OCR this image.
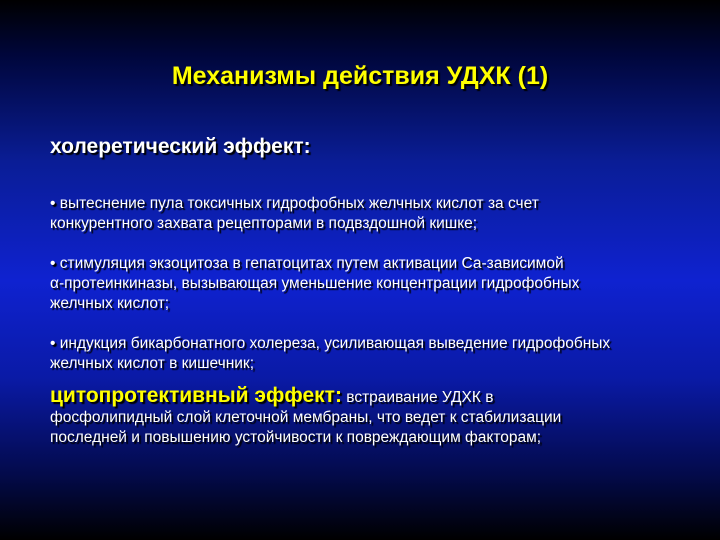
Механизмы действия УДХК (1)
холеретический эффект:
• вытеснение пула токсичных гидрофобных желчных кислот за счет
конкурентного захвата рецепторами в подвздошной кишке;
• стимуляция экзоцитоза в гепатоцитах путем активации Са-зависимой
α-протеинкиназы, вызывающая уменьшение концентрации гидрофобных
желчных кислот;
• индукция бикарбонатного холереза, усиливающая выведение гидрофобных
желчных кислот в кишечник;
цитопротективный эффект: встраивание УДХК в
фосфолипидный слой клеточной мембраны, что ведет к стабилизации
последней и повышению устойчивости к повреждающим факторам;
